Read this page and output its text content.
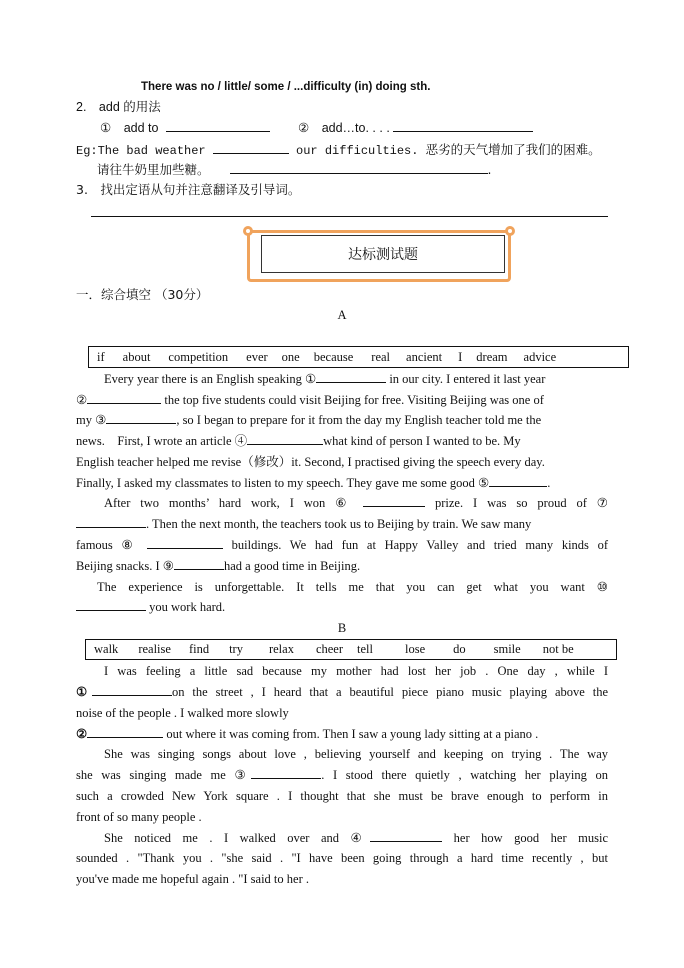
There was no / little/ some / ...difficulty (in) doing sth.
2.　add 的用法
①　add to	②　add…to. . . .
Eg:The bad weather	our difficulties. 恶劣的天气增加了我们的困难。
请往牛奶里加些糖。	.
3.　找出定语从句并注意翻译及引导词。
达标测试题
一．综合填空 （30分）
A
if about competition ever one because real ancient I dream advice
Every year there is an English speaking ①	in our city. I entered it last year
②	the top five students could visit Beijing for free. Visiting Beijing was one of
my ③	, so I began to prepare for it from the day my English teacher told me the
news.　First, I wrote an article ④	what kind of person I wanted to be. My
English teacher helped me revise（修改）it. Second, I practised giving the speech every day.
Finally, I asked my classmates to listen to my speech. They gave me some good ⑤	.
After two months’ hard work, I won ⑥	prize. I was so proud of ⑦
. Then the next month, the teachers took us to Beijing by train. We saw many
famous ⑧	buildings. We had fun at Happy Valley and tried many kinds of
Beijing snacks. I ⑨	had a good time in Beijing.
The experience is unforgettable. It tells me that you can get what you want ⑩
you work hard.
B
walk realise find try relax cheer tell	lose do smile not be
I was feeling a little sad because my mother had lost her job . One day , while I
①	on the street , I heard that a beautiful piece piano music playing above the
noise of the people . I walked more slowly
②	out where it was coming from. Then I saw a young lady sitting at a piano .
She was singing songs about love , believing yourself and keeping on trying . The way
she was singing made me ③	. I stood there quietly , watching her playing on
such a crowded New York square . I thought that she must be brave enough to perform in
front of so many people .
She noticed me . I walked over and ④	her how good her music
sounded . "Thank you . "she said . "I have been going through a hard time recently , but
you've made me hopeful again . "I said to her .
